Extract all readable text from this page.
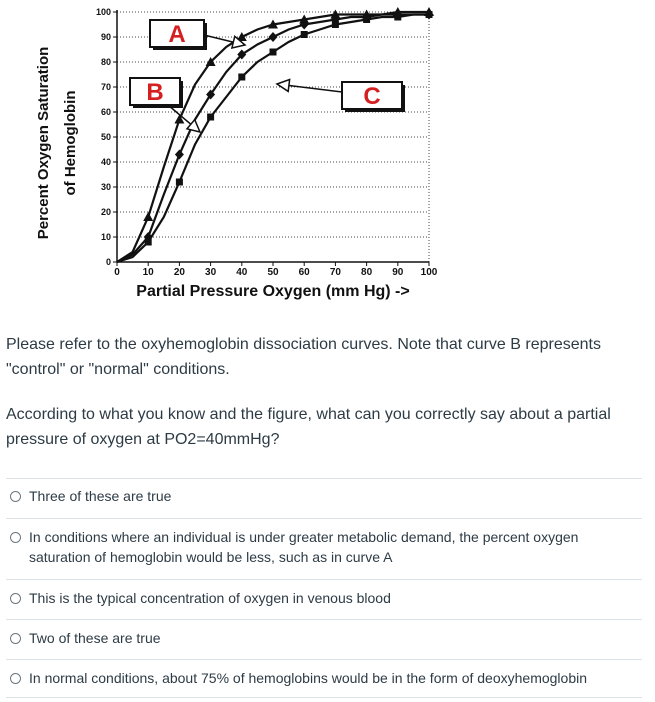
0
10
20
30
40
50
60
70
80
90
100
0 10 20 30 40 50 60 70 80 90 100
A
B	C
Partial Pressure Oxygen (mm Hg) ->
Percent Oxygen Saturation of Hemoglobin
Please refer to the oxyhemoglobin dissociation curves. Note that curve B represents "control" or "normal" conditions.
According to what you know and the figure, what can you correctly say about a partial pressure of oxygen at PO2=40mmHg?
Three of these are true
In conditions where an individual is under greater metabolic demand, the percent oxygen saturation of hemoglobin would be less, such as in curve A
This is the typical concentration of oxygen in venous blood
Two of these are true
In normal conditions, about 75% of hemoglobins would be in the form of deoxyhemoglobin
